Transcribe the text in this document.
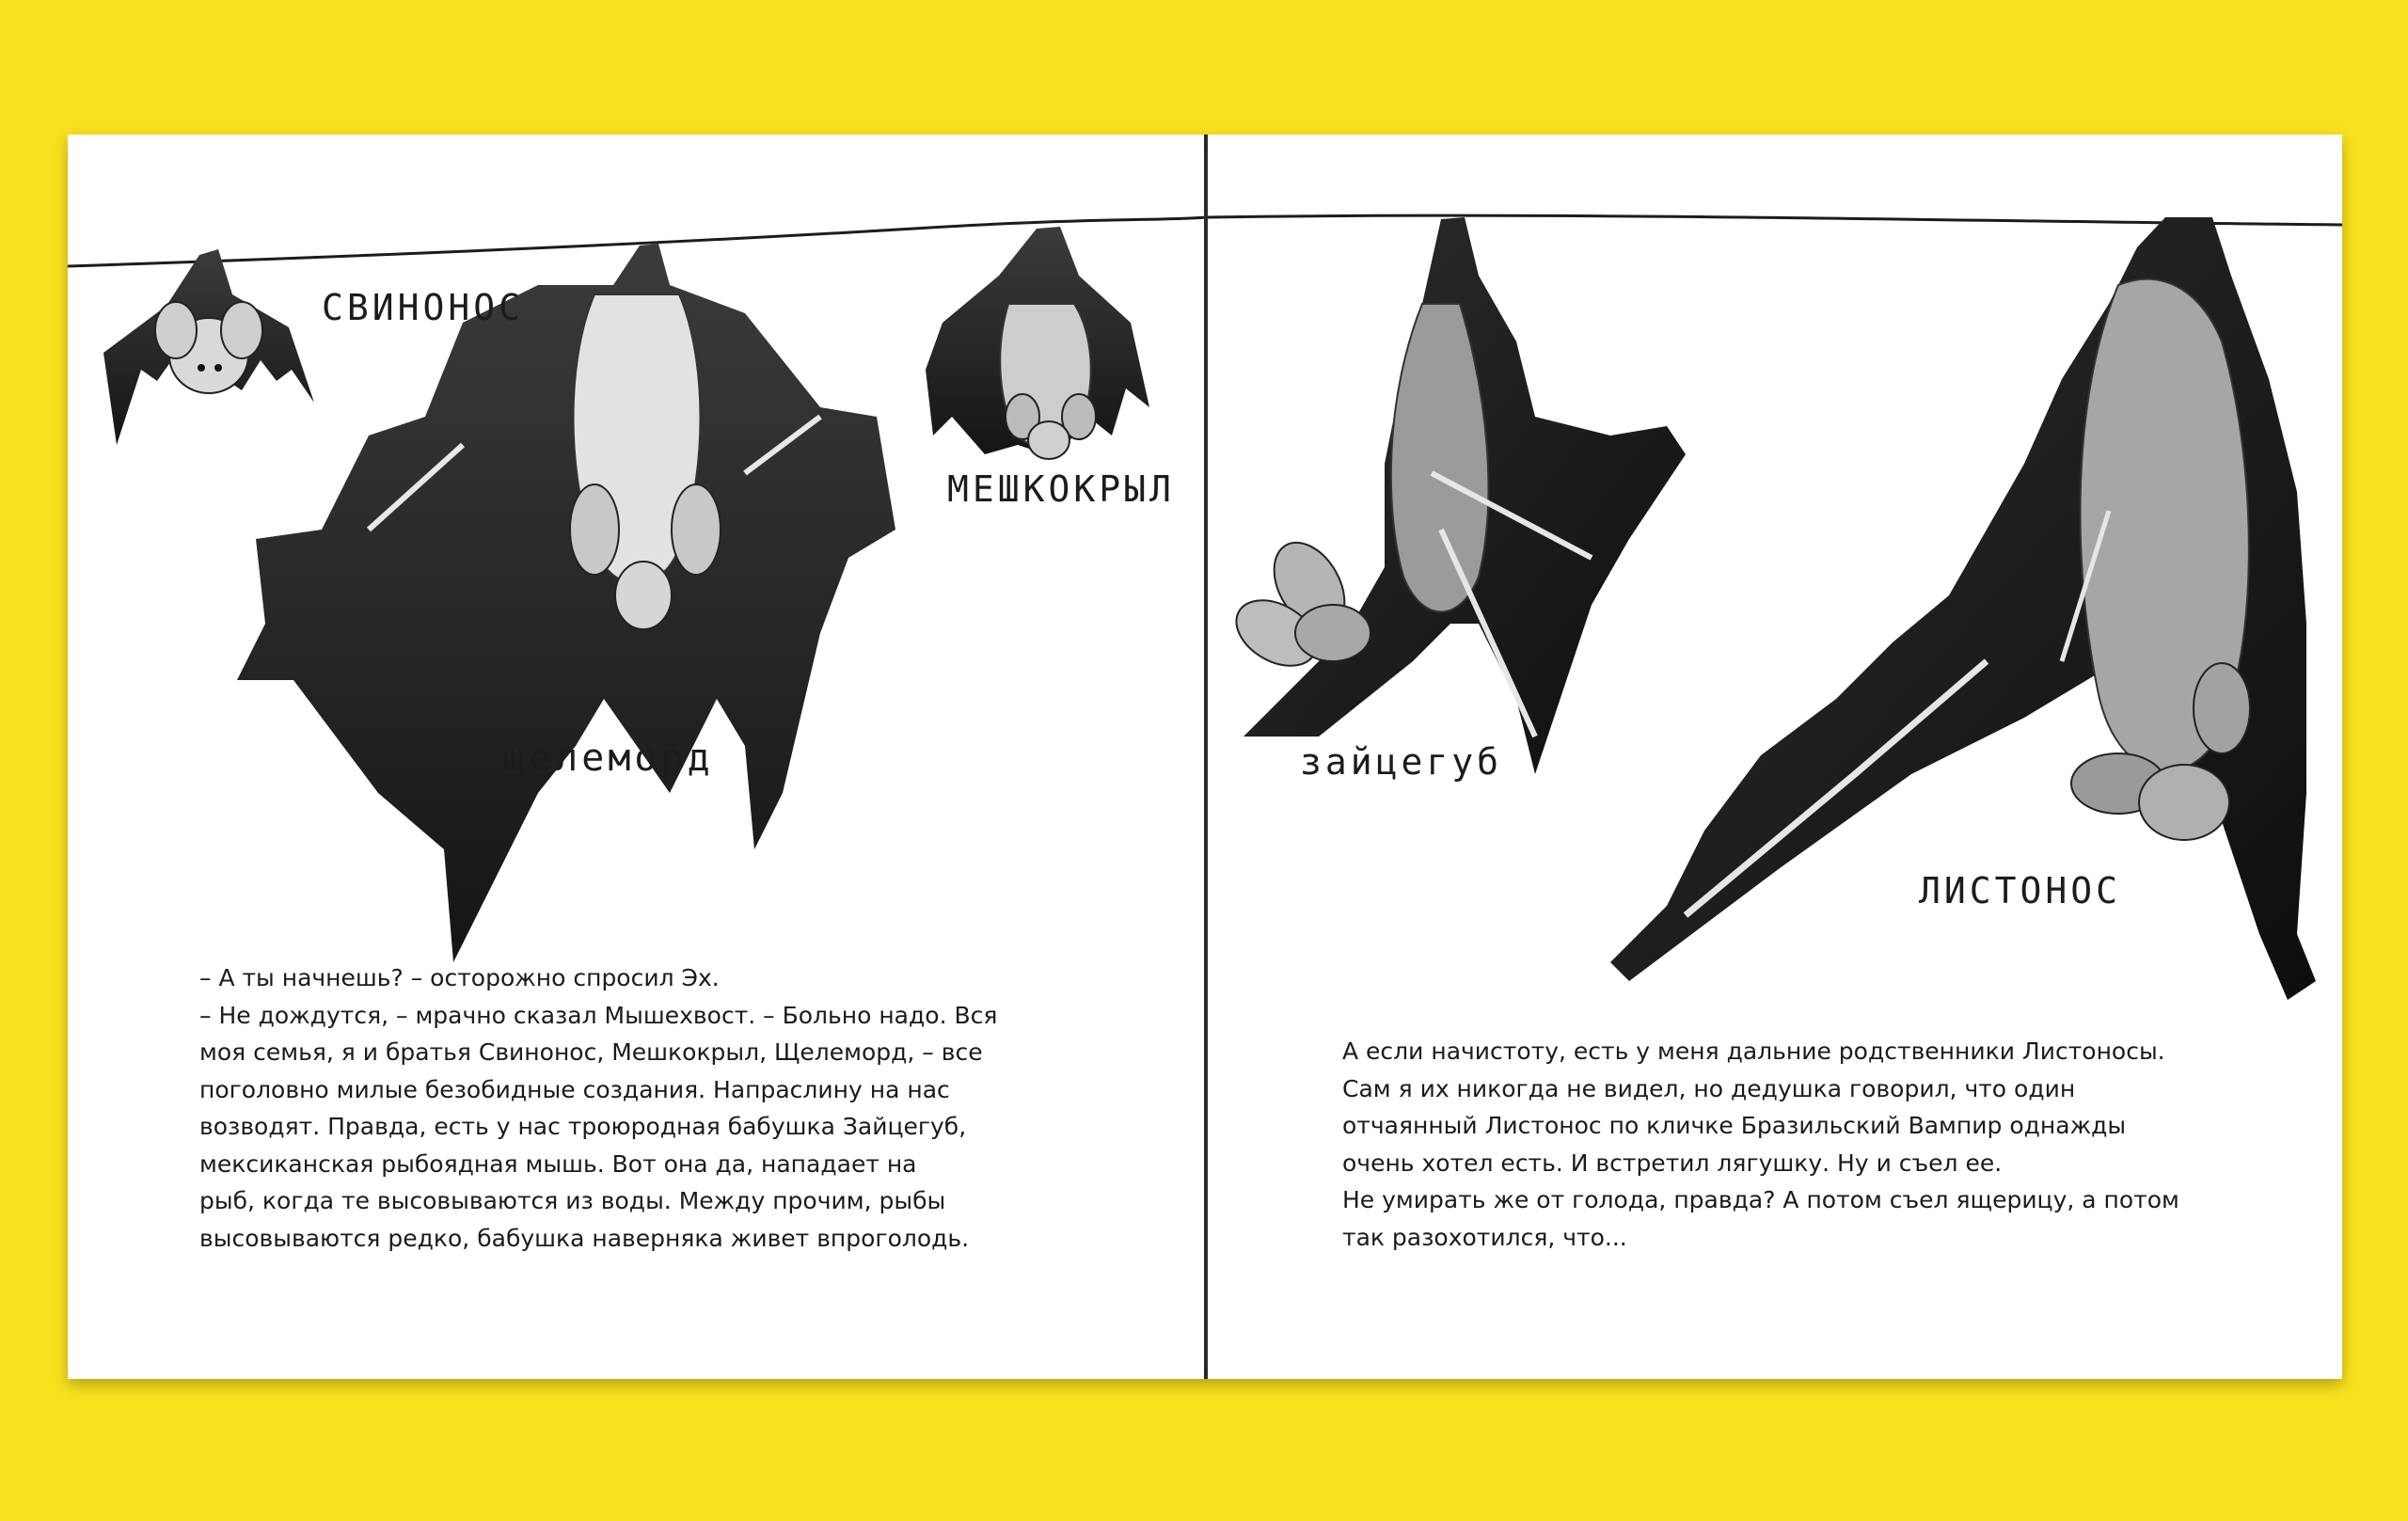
СВИНОНОС
МЕШКОКРЫЛ
щелеморд	зайцегуб
ЛИСТОНОС

– А ты начнешь? – осторожно спросил Эх.

– Не дождутся, – мрачно сказал Мышехвост. – Больно надо. Вся

моя семья, я и братья Свинонос, Мешкокрыл, Щелеморд, – все

поголовно милые безобидные создания. Напраслину на нас

возводят. Правда, есть у нас троюродная бабушка Зайцегуб,

мексиканская рыбоядная мышь. Вот она да, нападает на

рыб, когда те высовываются из воды. Между прочим, рыбы

высовываются редко, бабушка наверняка живет впроголодь.

А если начистоту, есть у меня дальние родственники Листоносы.

Сам я их никогда не видел, но дедушка говорил, что один

отчаянный Листонос по кличке Бразильский Вампир однажды

очень хотел есть. И встретил лягушку. Ну и съел ее.

Не умирать же от голода, правда? А потом съел ящерицу, а потом

так разохотился, что...
